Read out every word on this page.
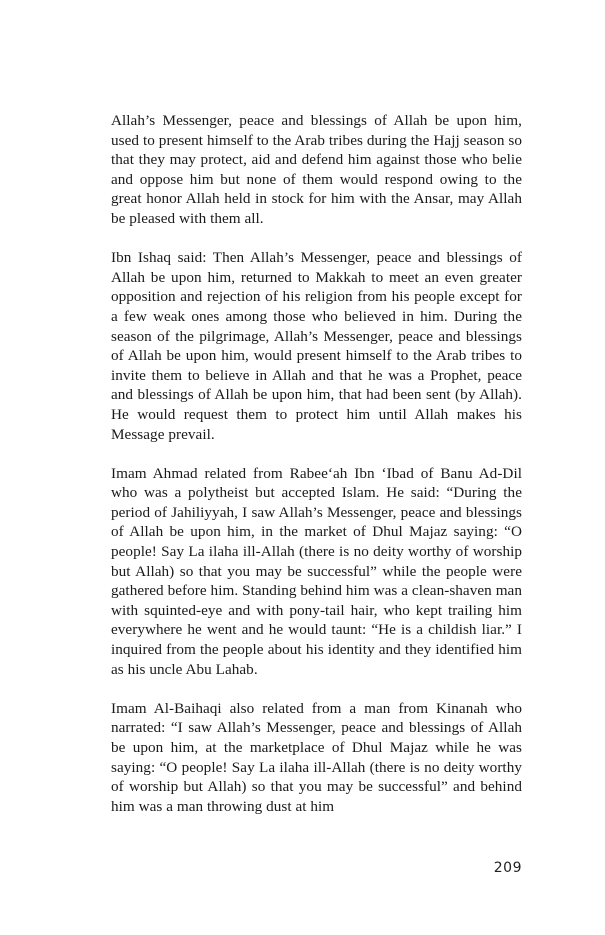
Allah’s Messenger, peace and blessings of Allah be upon him, used to present himself to the Arab tribes during the Hajj season so that they may protect, aid and defend him against those who belie and oppose him but none of them would respond owing to the great honor Allah held in stock for him with the Ansar, may Allah be pleased with them all.

Ibn Ishaq said: Then Allah’s Messenger, peace and blessings of Allah be upon him, returned to Makkah to meet an even greater opposition and rejection of his religion from his people except for a few weak ones among those who believed in him. During the season of the pilgrimage, Allah’s Messenger, peace and blessings of Allah be upon him, would present himself to the Arab tribes to invite them to believe in Allah and that he was a Prophet, peace and blessings of Allah be upon him, that had been sent (by Allah). He would request them to protect him until Allah makes his Message prevail.

Imam Ahmad related from Rabee‘ah Ibn ‘Ibad of Banu Ad-Dil who was a polytheist but accepted Islam. He said: “During the period of Jahiliyyah, I saw Allah’s Messenger, peace and blessings of Allah be upon him, in the market of Dhul Majaz saying: “O people! Say La ilaha ill-Allah (there is no deity worthy of worship but Allah) so that you may be successful” while the people were gathered before him. Standing behind him was a clean-shaven man with squinted-eye and with pony-tail hair, who kept trailing him everywhere he went and he would taunt: “He is a childish liar.” I inquired from the people about his identity and they identified him as his uncle Abu Lahab.

Imam Al-Baihaqi also related from a man from Kinanah who narrated: “I saw Allah’s Messenger, peace and blessings of Allah be upon him, at the marketplace of Dhul Majaz while he was saying: “O people! Say La ilaha ill-Allah (there is no deity worthy of worship but Allah) so that you may be successful” and behind him was a man throwing dust at him

209
